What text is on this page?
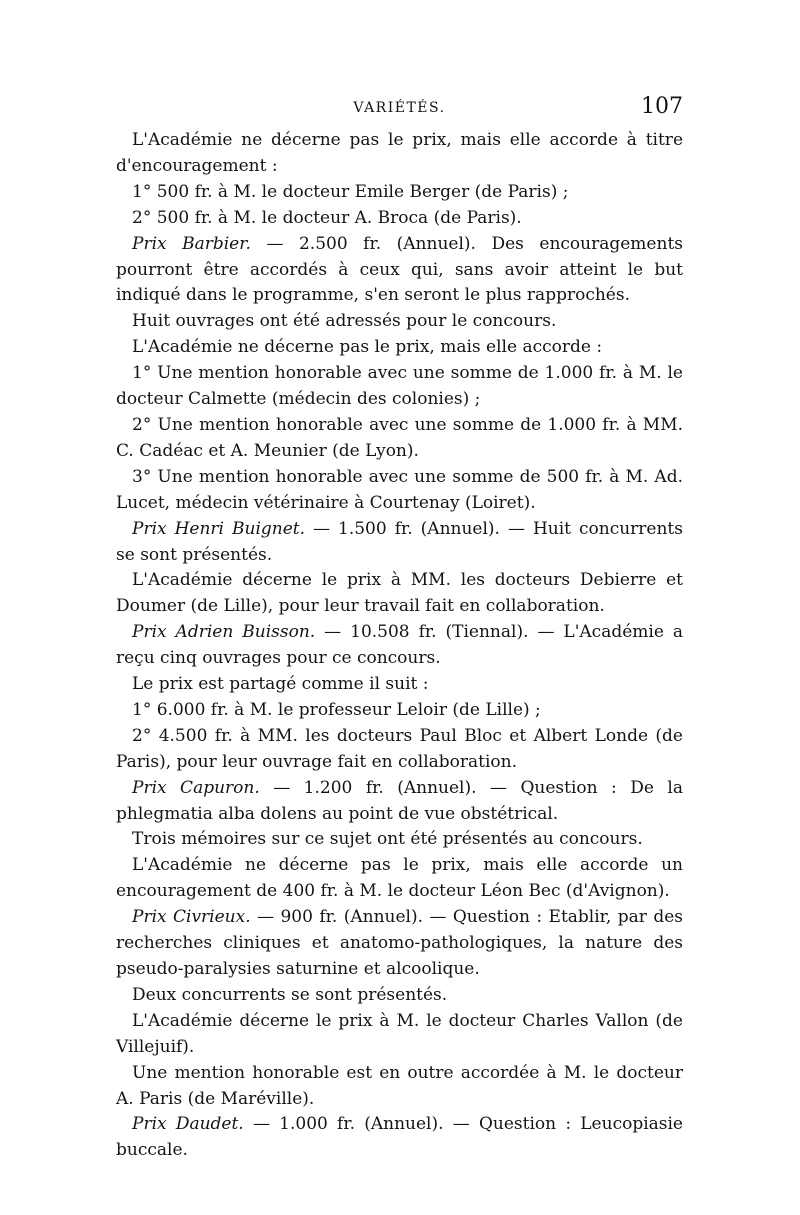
VARIÉTÉS.	107

L'Académie ne décerne pas le prix, mais elle accorde à titre d'encouragement :

1° 500 fr. à M. le docteur Emile Berger (de Paris) ;

2° 500 fr. à M. le docteur A. Broca (de Paris).

Prix Barbier. — 2.500 fr. (Annuel). Des encouragements pourront être accordés à ceux qui, sans avoir atteint le but indiqué dans le programme, s'en seront le plus rapprochés.

Huit ouvrages ont été adressés pour le concours.

L'Académie ne décerne pas le prix, mais elle accorde :

1° Une mention honorable avec une somme de 1.000 fr. à M. le docteur Calmette (médecin des colonies) ;

2° Une mention honorable avec une somme de 1.000 fr. à MM. C. Cadéac et A. Meunier (de Lyon).

3° Une mention honorable avec une somme de 500 fr. à M. Ad. Lucet, médecin vétérinaire à Courtenay (Loiret).

Prix Henri Buignet. — 1.500 fr. (Annuel). — Huit concurrents se sont présentés.

L'Académie décerne le prix à MM. les docteurs Debierre et Doumer (de Lille), pour leur travail fait en collaboration.

Prix Adrien Buisson. — 10.508 fr. (Tiennal). — L'Académie a reçu cinq ouvrages pour ce concours.

Le prix est partagé comme il suit :

1° 6.000 fr. à M. le professeur Leloir (de Lille) ;

2° 4.500 fr. à MM. les docteurs Paul Bloc et Albert Londe (de Paris), pour leur ouvrage fait en collaboration.

Prix Capuron. — 1.200 fr. (Annuel). — Question : De la phlegmatia alba dolens au point de vue obstétrical.

Trois mémoires sur ce sujet ont été présentés au concours.

L'Académie ne décerne pas le prix, mais elle accorde un encouragement de 400 fr. à M. le docteur Léon Bec (d'Avignon).

Prix Civrieux. — 900 fr. (Annuel). — Question : Etablir, par des recherches cliniques et anatomo-pathologiques, la nature des pseudo-paralysies saturnine et alcoolique.

Deux concurrents se sont présentés.

L'Académie décerne le prix à M. le docteur Charles Vallon (de Villejuif).

Une mention honorable est en outre accordée à M. le docteur A. Paris (de Maréville).

Prix Daudet. — 1.000 fr. (Annuel). — Question : Leucopiasie buccale.
